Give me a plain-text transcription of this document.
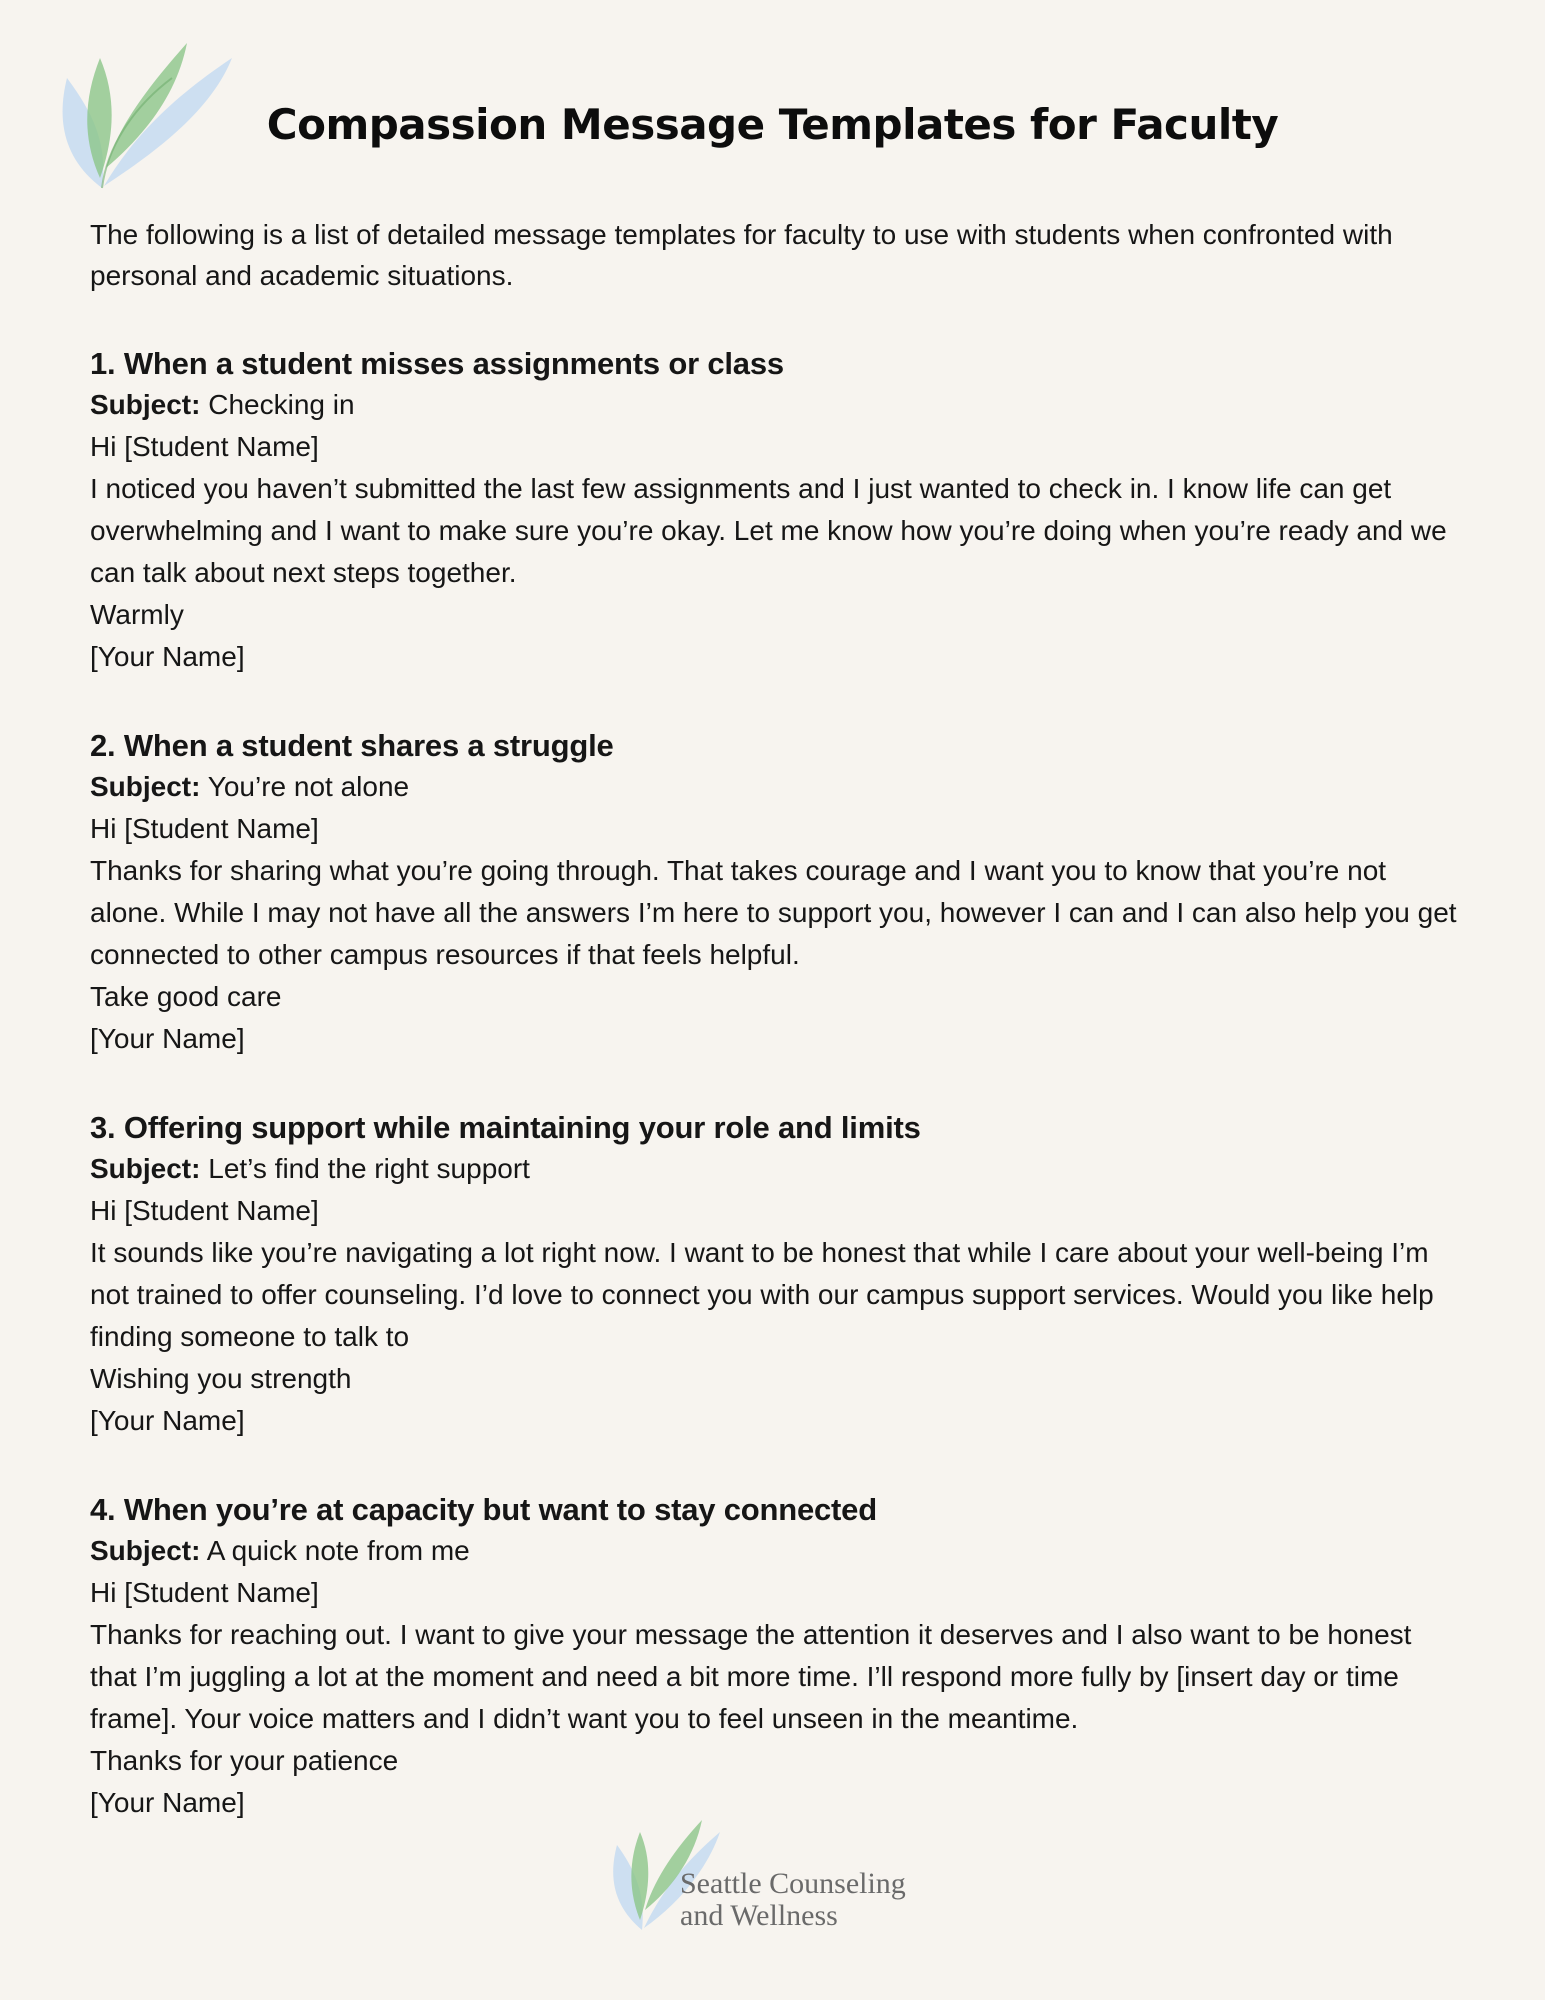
Compassion Message Templates for Faculty

The following is a list of detailed message templates for faculty to use with students when confronted with personal and academic situations.

1. When a student misses assignments or class

Subject: Checking in

Hi [Student Name]

I noticed you haven’t submitted the last few assignments and I just wanted to check in. I know life can get overwhelming and I want to make sure you’re okay. Let me know how you’re doing when you’re ready and we can talk about next steps together.

Warmly

[Your Name]

2. When a student shares a struggle

Subject: You’re not alone

Hi [Student Name]

Thanks for sharing what you’re going through. That takes courage and I want you to know that you’re not alone. While I may not have all the answers I’m here to support you, however I can and I can also help you get connected to other campus resources if that feels helpful.

Take good care

[Your Name]

3. Offering support while maintaining your role and limits

Subject: Let’s find the right support

Hi [Student Name]

It sounds like you’re navigating a lot right now. I want to be honest that while I care about your well-being I’m not trained to offer counseling. I’d love to connect you with our campus support services. Would you like help finding someone to talk to

Wishing you strength

[Your Name]

4. When you’re at capacity but want to stay connected

Subject: A quick note from me

Hi [Student Name]

Thanks for reaching out. I want to give your message the attention it deserves and I also want to be honest that I’m juggling a lot at the moment and need a bit more time. I’ll respond more fully by [insert day or time frame]. Your voice matters and I didn’t want you to feel unseen in the meantime.

Thanks for your patience

[Your Name]

Seattle Counseling
and Wellness
